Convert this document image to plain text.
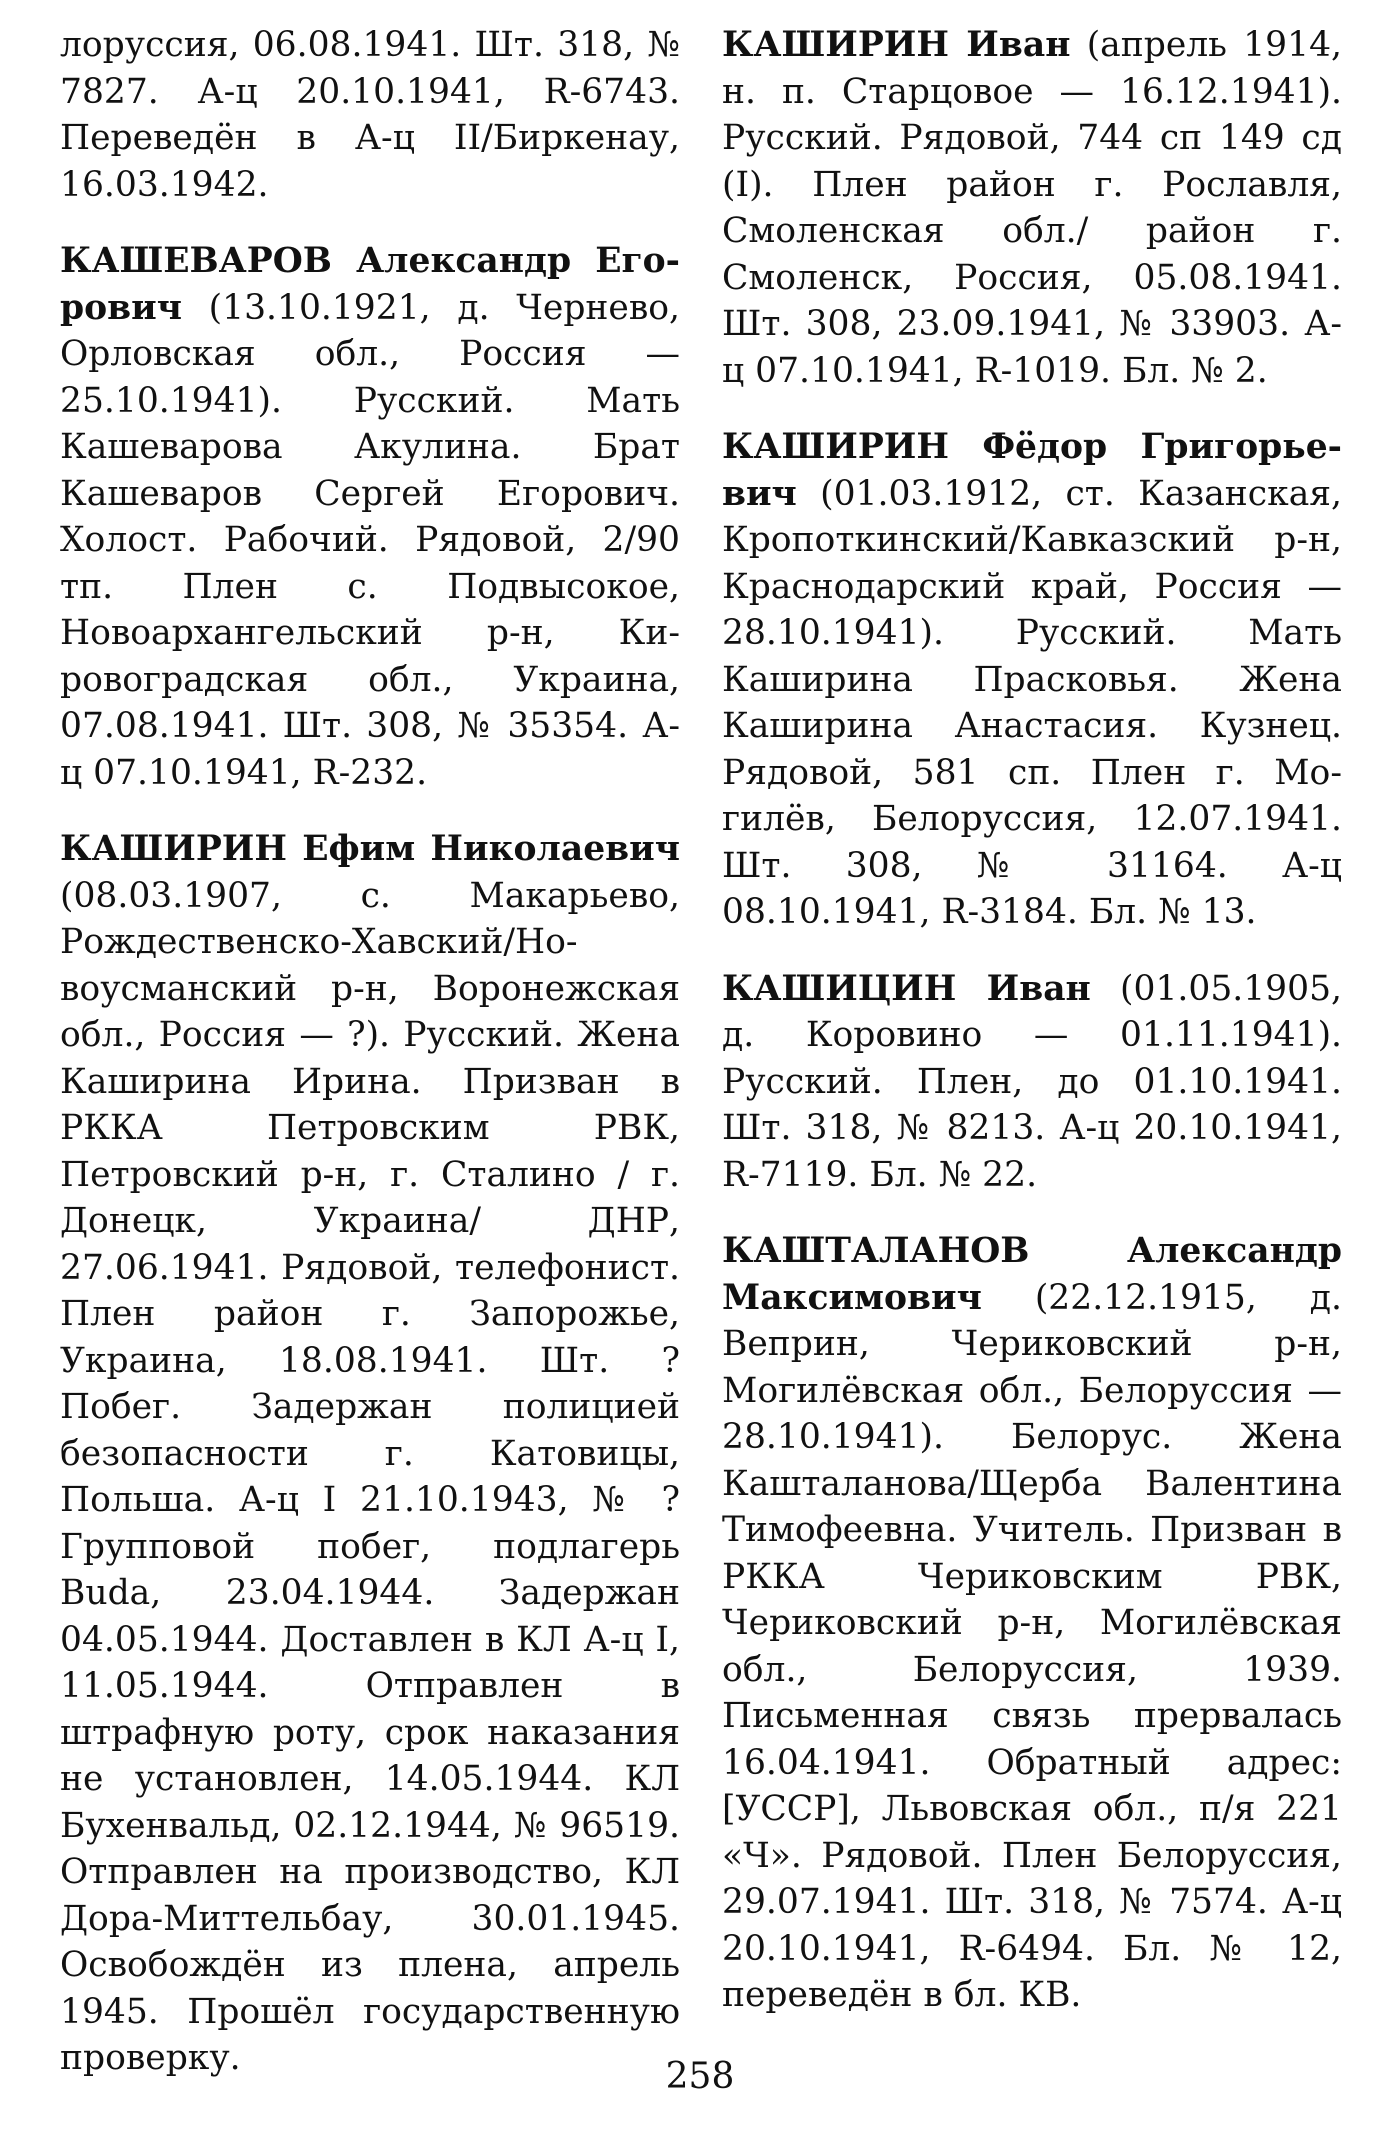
лоруссия, 06.08.1941. Шт. 318, № 7827. А-ц 20.10.1941, R-6743. Переведён в А-ц II/Биркенау, 16.03.1942.

КАШЕВАРОВ Александр Егорович (13.10.1921, д. Чернево, Орловская обл., Россия — 25.10.1941). Русский. Мать Кашеварова Акулина. Брат Кашеваров Сергей Егорович. Холост. Рабочий. Рядовой, 2/90 тп. Плен с. Подвысокое, Новоархангельский р-н, Кировоградская обл., Украина, 07.08.1941. Шт. 308, № 35354. А-ц 07.10.1941, R-232.

КАШИРИН Ефим Николаевич (08.03.1907, с. Макарьево, Рождественско-Хавский/Новоусманский р-н, Воронежская обл., Россия — ?). Русский. Жена Каширина Ирина. Призван в РККА Петровским РВК, Петровский р-н, г. Сталино / г. Донецк, Украина/ ДНР, 27.06.1941. Рядовой, телефонист. Плен район г. Запорожье, Украина, 18.08.1941. Шт. ? Побег. Задержан полицией безопасности г. Катовицы, Польша. А-ц I 21.10.1943, № ? Групповой побег, подлагерь Buda, 23.04.1944. Задержан 04.05.1944. Доставлен в КЛ А-ц I, 11.05.1944. Отправлен в штрафную роту, срок наказания не установлен, 14.05.1944. КЛ Бухенвальд, 02.12.1944, № 96519. Отправлен на производство, КЛ Дора-Миттельбау, 30.01.1945. Освобождён из плена, апрель 1945. Прошёл государственную проверку.

КАШИРИН Иван (апрель 1914, н. п. Старцовое — 16.12.1941). Русский. Рядовой, 744 сп 149 сд (I). Плен район г. Рославля, Смоленская обл./ район г. Смоленск, Россия, 05.08.1941. Шт. 308, 23.09.1941, № 33903. А-ц 07.10.1941, R-1019. Бл. № 2.

КАШИРИН Фёдор Григорьевич (01.03.1912, ст. Казанская, Кропоткинский/Кавказский р-н, Краснодарский край, Россия — 28.10.1941). Русский. Мать Каширина Прасковья. Жена Каширина Анастасия. Кузнец. Рядовой, 581 сп. Плен г. Могилёв, Белоруссия, 12.07.1941. Шт. 308, № 31164. А-ц 08.10.1941, R-3184. Бл. № 13.

КАШИЦИН Иван (01.05.1905, д. Коровино — 01.11.1941). Русский. Плен, до 01.10.1941. Шт. 318, № 8213. А-ц 20.10.1941, R-7119. Бл. № 22.

КАШТАЛАНОВ Александр Максимович (22.12.1915, д. Веприн, Чериковский р-н, Могилёвская обл., Белоруссия — 28.10.1941). Белорус. Жена Кашталанова/Щерба Валентина Тимофеевна. Учитель. Призван в РККА Чериковским РВК, Чериковский р-н, Могилёвская обл., Белоруссия, 1939. Письменная связь прервалась 16.04.1941. Обратный адрес: [УССР], Львовская обл., п/я 221 «Ч». Рядовой. Плен Белоруссия, 29.07.1941. Шт. 318, № 7574. А-ц 20.10.1941, R-6494. Бл. № 12, переведён в бл. КВ.

258
